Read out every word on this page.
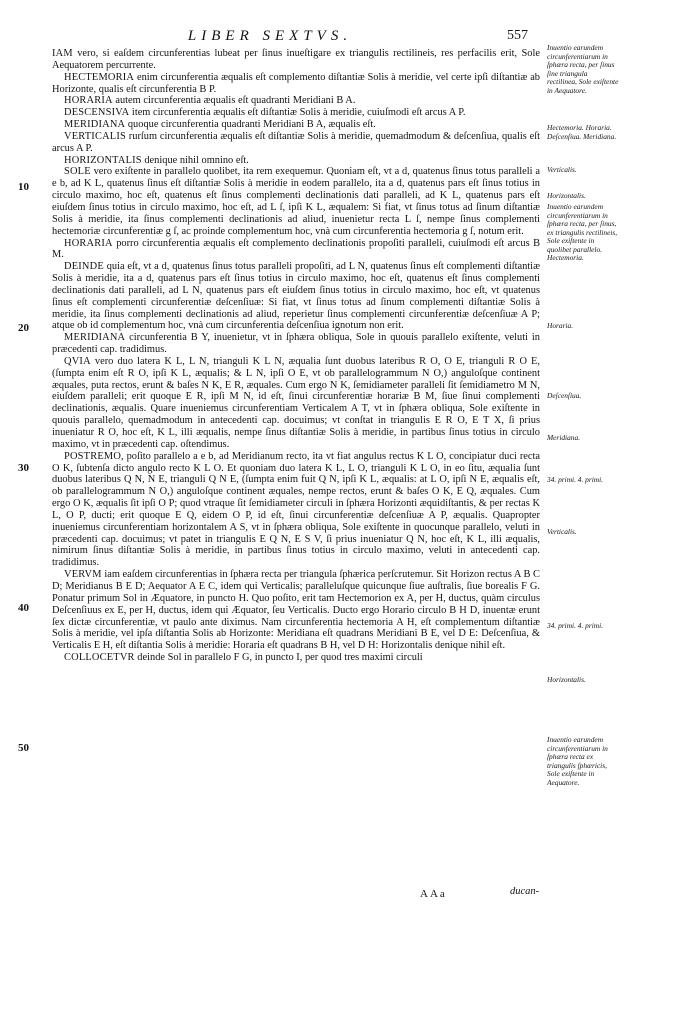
LIBER SEXTVS.	557

IAM vero, si eaſdem circunferentias lubeat per ſinus inueſtigare ex triangulis rectilineis, res perfacilis erit, Sole Aequatorem percurrente.

HECTEMORIA enim circunferentia æqualis eſt complemento diſtantiæ Solis à meridie, vel certe ipſi diſtantiæ ab Horizonte, qualis eſt circunferentia B P.

HORARIA autem circunferentia æqualis eſt quadranti Meridiani B A.

DESCENSIVA item circunferentia æqualis eſt diſtantiæ Solis à meridie, cuiuſmodi eſt arcus A P.

MERIDIANA quoque circunferentia quadranti Meridiani B A, æqualis eſt.

VERTICALIS rurſum circunferentia æqualis eſt diſtantiæ Solis à meridie, quemadmodum & deſcenſiua, qualis eſt arcus A P.

HORIZONTALIS denique nihil omnino eſt.

SOLE vero exiſtente in parallelo quolibet, ita rem exequemur. Quoniam eſt, vt a d, quatenus ſinus totus paralleli a e b, ad K L, quatenus ſinus eſt diſtantiæ Solis à meridie in eodem parallelo, ita a d, quatenus pars eſt ſinus totius in circulo maximo, hoc eſt, quatenus eſt ſinus complementi declinationis dati paralleli, ad K L, quatenus pars eſt eiuſdem ſinus totius in circulo maximo, hoc eſt, ad L ſ, ipſi K L, æqualem: Si fiat, vt ſinus totus ad ſinum diſtantiæ Solis à meridie, ita ſinus complementi declinationis ad aliud, inuenietur recta L ſ, nempe ſinus complementi hectemoriæ circunferentiæ g ſ, ac proinde complementum hoc, vnà cum circunferentia hectemoria g ſ, notum erit.

HORARIA porro circunferentia æqualis eſt complemento declinationis propoſiti paralleli, cuiuſmodi eſt arcus B M.

DEINDE quia eſt, vt a d, quatenus ſinus totus paralleli propoſiti, ad L N, quatenus ſinus eſt complementi diſtantiæ Solis à meridie, ita a d, quatenus pars eſt ſinus totius in circulo maximo, hoc eſt, quatenus eſt ſinus complementi declinationis dati paralleli, ad L N, quatenus pars eſt eiuſdem ſinus totius in circulo maximo, hoc eſt, vt quatenus ſinus eſt complementi circunferentiæ deſcenſiuæ: Si fiat, vt ſinus totus ad ſinum complementi diſtantiæ Solis à meridie, ita ſinus complementi declinationis ad aliud, reperietur ſinus complementi circunferentiæ deſcenſiuæ A P; atque ob id complementum hoc, vnà cum circunferentia deſcenſiua ignotum non erit.

MERIDIANA circunferentia B Y, inuenietur, vt in ſphæra obliqua, Sole in quouis parallelo exiſtente, veluti in præcedenti cap. tradidimus.

QVIA vero duo latera K L, L N, trianguli K L N, æqualia ſunt duobus lateribus R O, O E, trianguli R O E, (ſumpta enim eſt R O, ipſi K L, æqualis; & L N, ipſi O E, vt ob parallelogrammum N O,) anguloſque continent æquales, puta rectos, erunt & baſes N K, E R, æquales. Cum ergo N K, ſemidiameter paralleli ſit ſemidiametro M N, eiuſdem paralleli; erit quoque E R, ipſi M N, id eſt, ſinui circunferentiæ horariæ B M, ſiue ſinui complementi declinationis, æqualis. Quare inueniemus circunferentiam Verticalem A T, vt in ſphæra obliqua, Sole exiſtente in quouis parallelo, quemadmodum in antecedenti cap. docuimus; vt conſtat in triangulis E R O, E T X, ſi prius inueniatur R O, hoc eſt, K L, illi æqualis, nempe ſinus diſtantiæ Solis à meridie, in partibus ſinus totius in circulo maximo, vt in præcedenti cap. oſtendimus.

POSTREMO, poſito parallelo a e b, ad Meridianum recto, ita vt fiat angulus rectus K L O, concipiatur duci recta O K, ſubtenſa dicto angulo recto K L O. Et quoniam duo latera K L, L O, trianguli K L O, in eo ſitu, æqualia ſunt duobus lateribus Q N, N E, trianguli Q N E, (ſumpta enim fuit Q N, ipſi K L, æqualis: at L O, ipſi N E, æqualis eſt, ob parallelogrammum N O,) anguloſque continent æquales, nempe rectos, erunt & baſes O K, E Q, æquales. Cum ergo O K, æqualis ſit ipſi O P; quod vtraque ſit ſemidiameter circuli in ſphæra Horizonti æquidiſtantis, & per rectas K L, O P, ducti; erit quoque E Q, eidem O P, id eſt, ſinui circunferentiæ deſcenſiuæ A P, æqualis. Quapropter inueniemus circunferentiam horizontalem A S, vt in ſphæra obliqua, Sole exiſtente in quocunque parallelo, veluti in præcedenti cap. docuimus; vt patet in triangulis E Q N, E S V, ſi prius inueniatur Q N, hoc eſt, K L, illi æqualis, nimirum ſinus diſtantiæ Solis à meridie, in partibus ſinus totius in circulo maximo, veluti in antecedenti cap. tradidimus.

VERVM iam eaſdem circunferentias in ſphæra recta per triangula ſphærica perſcrutemur. Sit Horizon rectus A B C D; Meridianus B E D; Aequator A E C, idem qui Verticalis; paralleluſque quicunque ſiue auſtralis, ſiue borealis F G. Ponatur primum Sol in Æquatore, in puncto H. Quo poſito, erit tam Hectemorion ex A, per H, ductus, quàm circulus Deſcenſiuus ex E, per H, ductus, idem qui Æquator, ſeu Verticalis. Ducto ergo Horario circulo B H D, inuentæ erunt ſex dictæ circunferentiæ, vt paulo ante diximus. Nam circunferentia hectemoria A H, eſt complementum diſtantiæ Solis à meridie, vel ipſa diſtantia Solis ab Horizonte: Meridiana eſt quadrans Meridiani B E, vel D E: Deſcenſiua, & Verticalis E H, eſt diſtantia Solis à meridie: Horaria eſt quadrans B H, vel D H: Horizontalis denique nihil eſt.

COLLOCETVR deinde Sol in parallelo F G, in puncto I, per quod tres maximi circuli

Inuentio earundem circunferentiarum in ſphæra recta, per ſinus ſine triangula rectilinea, Sole exiſtente in Aequatore.
Hectemoria. Horaria. Deſcenſiua. Meridiana.
Verticalis.
Horizontalis.
Inuentio earundem circunferentiarum in ſphæra recta, per ſinus, ex triangulis rectilineis, Sole exiſtente in quolibet parallelo. Hectemoria.
Horaria.
Deſcenſiua.
Meridiana.
34. primi. 4. primi.
Verticalis.
34. primi. 4. primi.
Horizontalis.
Inuentio earundem circunferentiarum in ſphæra recta ex triangulis ſphæricis, Sole exiſtente in Aequatore.
10
20
30
40
50
AAa	ducan-
